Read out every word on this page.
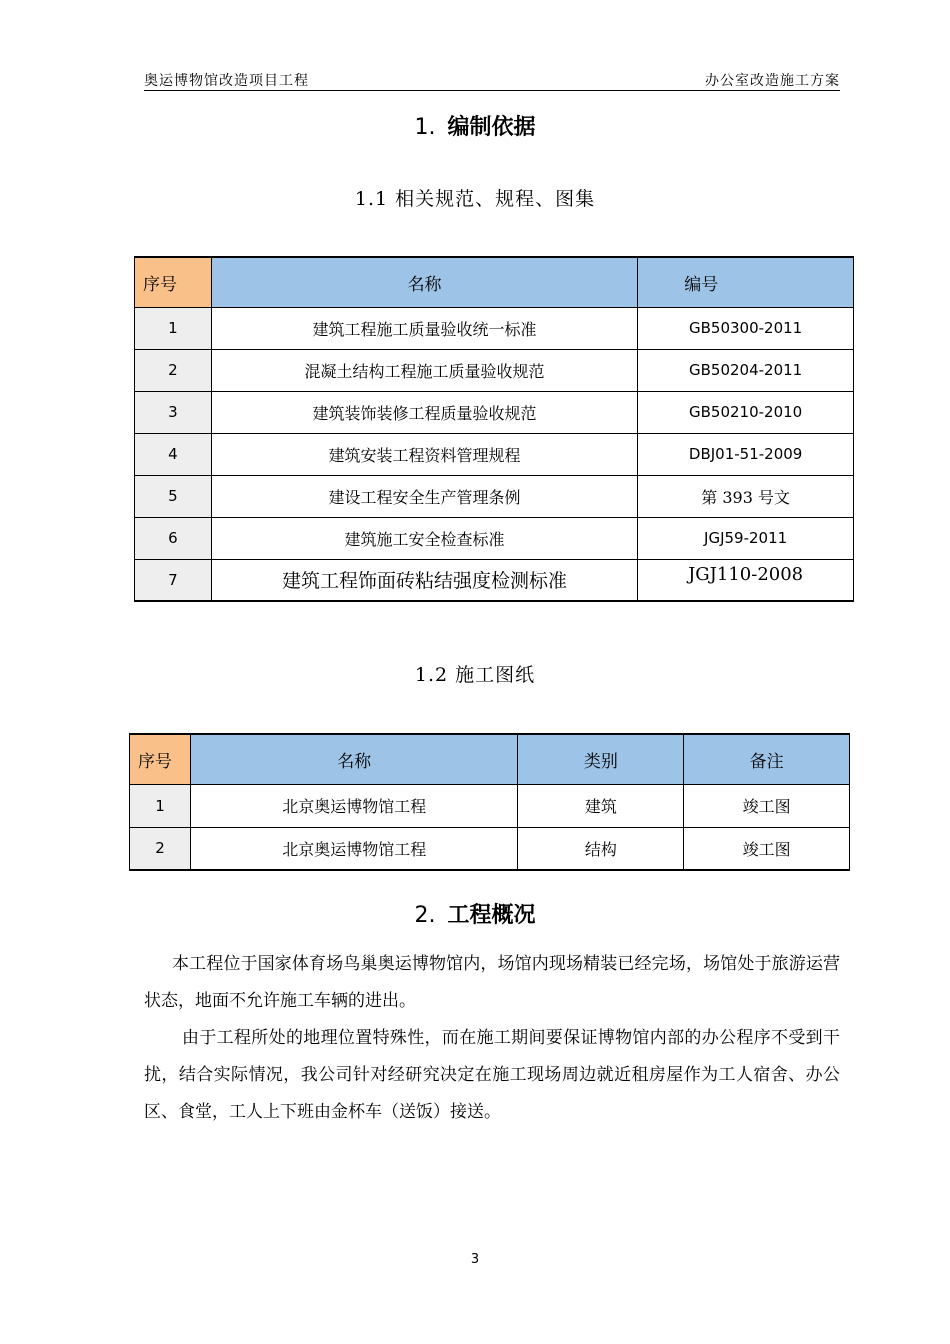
奥运博物馆改造项目工程	办公室改造施工方案
1. 编制依据
1.1 相关规范、规程、图集
序号	名称	编号
1	建筑工程施工质量验收统一标准	GB50300-2011
2	混凝土结构工程施工质量验收规范	GB50204-2011
3	建筑装饰装修工程质量验收规范	GB50210-2010
4	建筑安装工程资料管理规程	DBJ01-51-2009
5	建设工程安全生产管理条例	第 393 号文
6	建筑施工安全检查标准	JGJ59-2011
7	建筑工程饰面砖粘结强度检测标准	JGJ110-2008
1.2 施工图纸
序号	名称	类别	备注
1	北京奥运博物馆工程	建筑	竣工图
2	北京奥运博物馆工程	结构	竣工图
2. 工程概况
本工程位于国家体育场鸟巢奥运博物馆内，场馆内现场精装已经完场，场馆处于旅游运营状态，地面不允许施工车辆的进出。
由于工程所处的地理位置特殊性，而在施工期间要保证博物馆内部的办公程序不受到干扰，结合实际情况，我公司针对经研究决定在施工现场周边就近租房屋作为工人宿舍、办公区、食堂，工人上下班由金杯车（送饭）接送。
3
